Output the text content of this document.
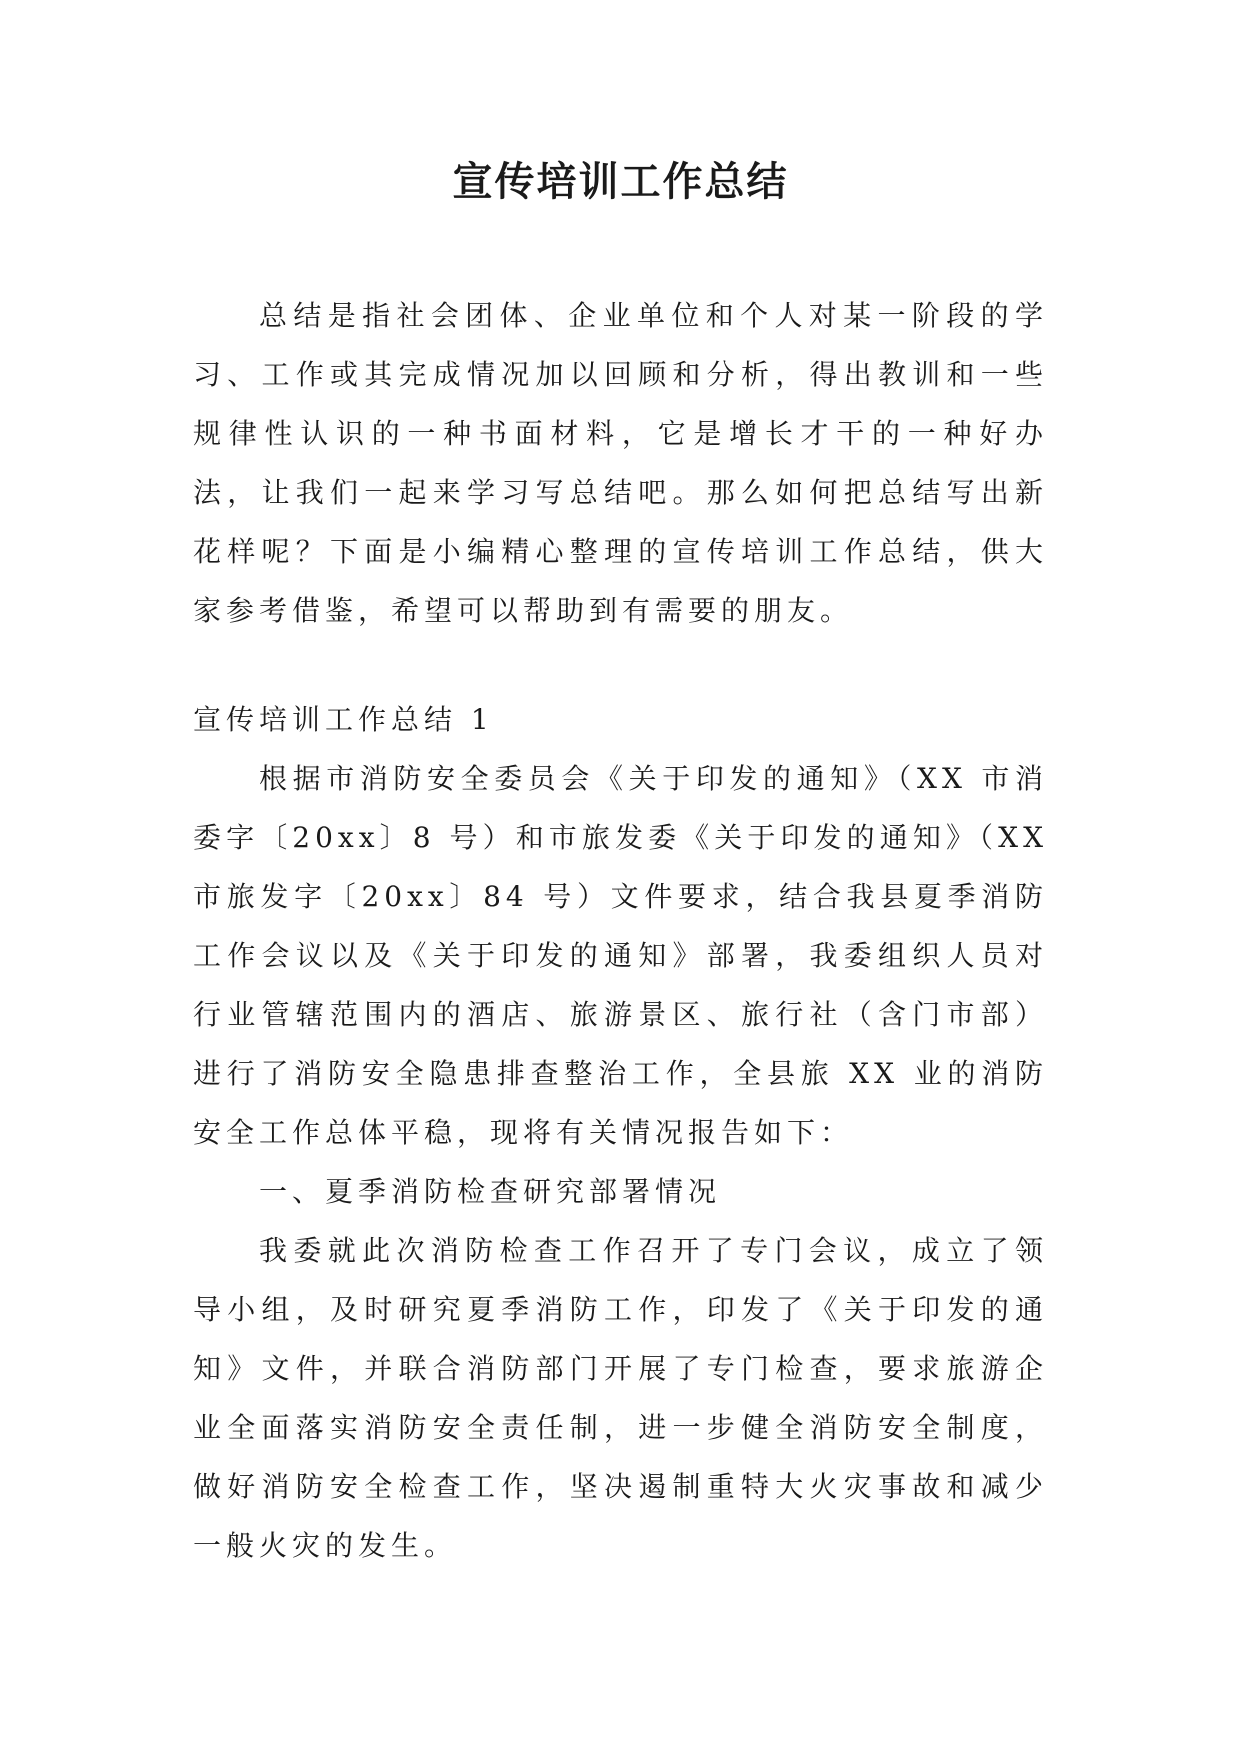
宣传培训工作总结

总结是指社会团体、企业单位和个人对某一阶段的学习、工作或其完成情况加以回顾和分析，得出教训和一些规律性认识的一种书面材料，它是增长才干的一种好办法，让我们一起来学习写总结吧。那么如何把总结写出新花样呢？下面是小编精心整理的宣传培训工作总结，供大家参考借鉴，希望可以帮助到有需要的朋友。

宣传培训工作总结 1

根据市消防安全委员会《关于印发的通知》（XX 市消委字〔20xx〕8 号）和市旅发委《关于印发的通知》（XX 市旅发字〔20xx〕84 号）文件要求，结合我县夏季消防工作会议以及《关于印发的通知》部署，我委组织人员对行业管辖范围内的酒店、旅游景区、旅行社（含门市部）进行了消防安全隐患排查整治工作，全县旅 XX 业的消防安全工作总体平稳，现将有关情况报告如下：

一、夏季消防检查研究部署情况

我委就此次消防检查工作召开了专门会议，成立了领导小组，及时研究夏季消防工作，印发了《关于印发的通知》文件，并联合消防部门开展了专门检查，要求旅游企业全面落实消防安全责任制，进一步健全消防安全制度，做好消防安全检查工作，坚决遏制重特大火灾事故和减少一般火灾的发生。
